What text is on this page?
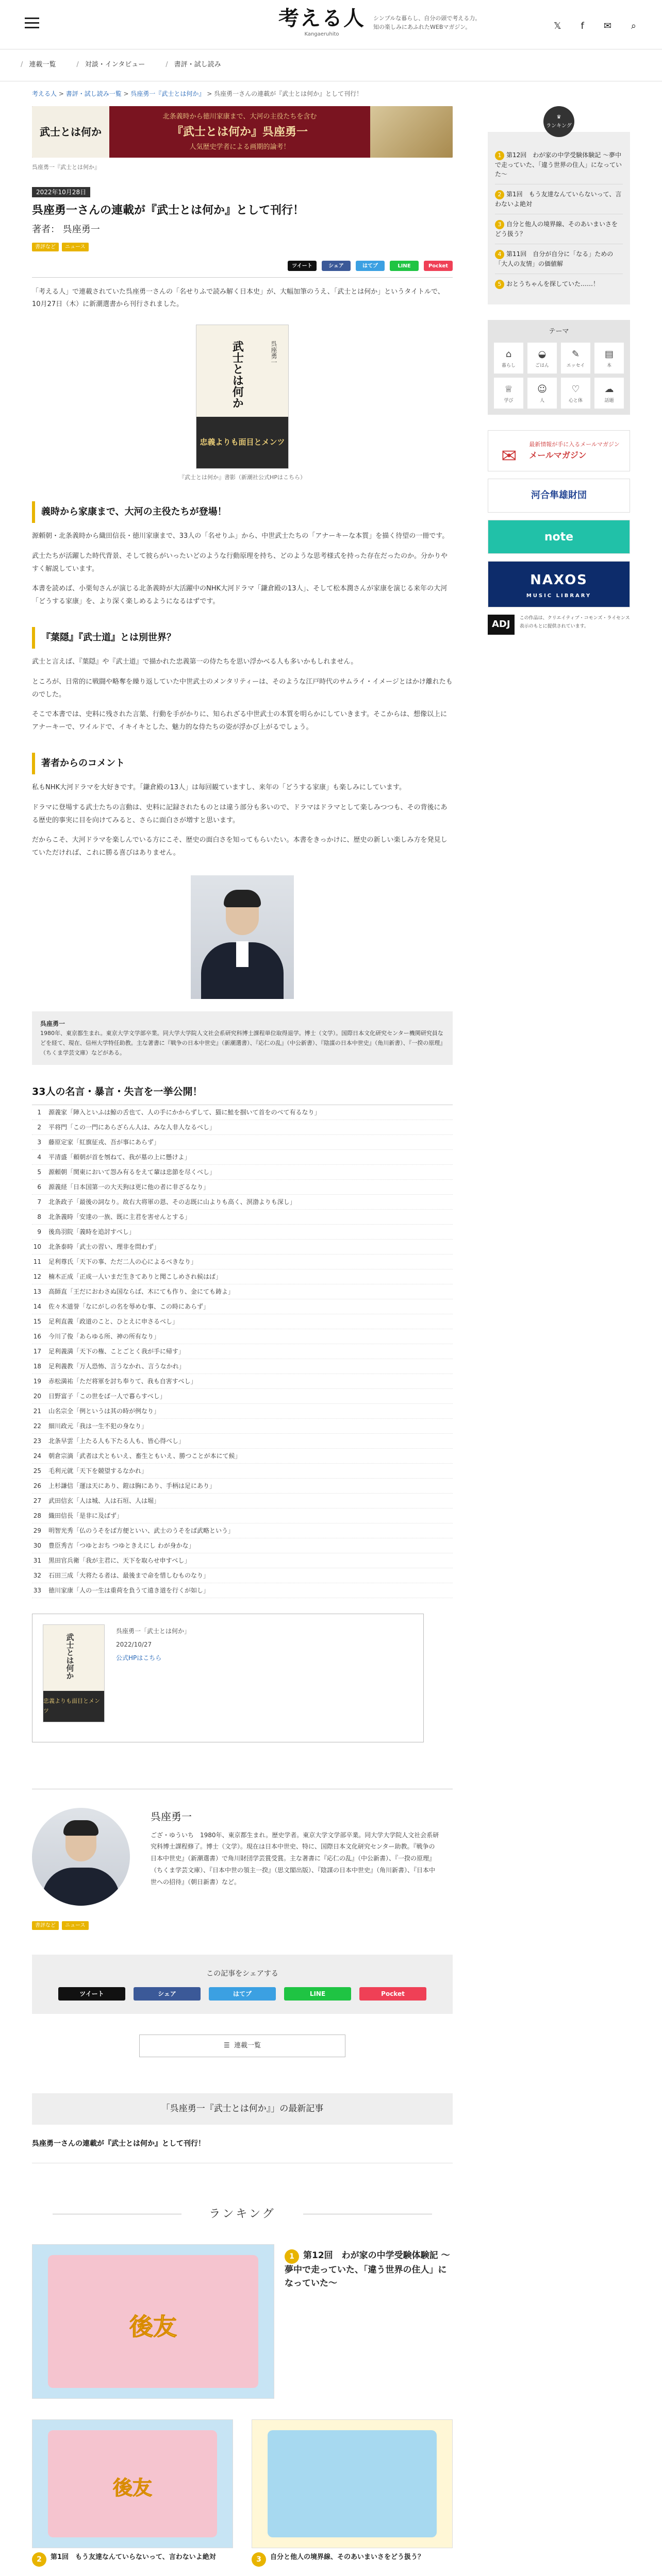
考える人
Kangaeruhito
シンプルな暮らし、自分の頭で考える力。知の楽しみにあふれたWEBマガジン。	𝕏 f ✉ ⌕
/ 連載一覧	/ 対談・インタビュー	/ 書評・試し読み
考える人 > 書評・試し読み一覧 > 呉座勇一『武士とは何か』 > 呉座勇一さんの連載が『武士とは何か』として刊行！
武士とは何か
北条義時から徳川家康まで、大河の主役たちを含む
『武士とは何か』呉座勇一
人気歴史学者による画期的論考！
呉座勇一『武士とは何か』
2022年10月28日
呉座勇一さんの連載が『武士とは何か』として刊行！
著者： 呉座勇一
書評など	ニュース
ツイート	シェア	はてブ	LINE	Pocket

「考える人」で連載されていた呉座勇一さんの「名せりふで読み解く日本史」が、大幅加筆のうえ、「武士とは何か」というタイトルで、10月27日（木）に新潮選書から刊行されました。

武士とは何か	呉座勇一
忠義よりも面目とメンツ
『武士とは何か』書影（新潮社公式HPはこちら）
義時から家康まで、大河の主役たちが登場！

源頼朝・北条義時から織田信長・徳川家康まで、33人の「名せりふ」から、中世武士たちの「アナーキーな本質」を描く待望の一冊です。

武士たちが活躍した時代背景、そして彼らがいったいどのような行動原理を持ち、どのような思考様式を持った存在だったのか。分かりやすく解説しています。

本書を読めば、小栗旬さんが演じる北条義時が大活躍中のNHK大河ドラマ「鎌倉殿の13人」、そして松本潤さんが家康を演じる来年の大河「どうする家康」を、より深く楽しめるようになるはずです。

『葉隠』『武士道』とは別世界？

武士と言えば、『葉隠』や『武士道』で描かれた忠義第一の侍たちを思い浮かべる人も多いかもしれません。

ところが、日常的に戦闘や略奪を繰り返していた中世武士のメンタリティーは、そのような江戸時代のサムライ・イメージとはかけ離れたものでした。

そこで本書では、史料に残された言葉、行動を手がかりに、知られざる中世武士の本質を明らかにしていきます。そこからは、想像以上にアナーキーで、ワイルドで、イキイキとした、魅力的な侍たちの姿が浮かび上がるでしょう。

著者からのコメント

私もNHK大河ドラマを大好きです。「鎌倉殿の13人」は毎回観ていますし、来年の「どうする家康」も楽しみにしています。

ドラマに登場する武士たちの言動は、史料に記録されたものとは違う部分も多いので、ドラマはドラマとして楽しみつつも、その背後にある歴史的事実に目を向けてみると、さらに面白さが増すと思います。

だからこそ、大河ドラマを楽しんでいる方にこそ、歴史の面白さを知ってもらいたい。本書をきっかけに、歴史の新しい楽しみ方を発見していただければ、これに勝る喜びはありません。

呉座勇一
1980年、東京都生まれ。東京大学文学部卒業。同大学大学院人文社会系研究科博士課程単位取得退学。博士（文学）。国際日本文化研究センター機関研究員などを経て、現在、信州大学特任助教。主な著書に『戦争の日本中世史』（新潮選書）、『応仁の乱』（中公新書）、『陰謀の日本中世史』（角川新書）、『一揆の原理』（ちくま学芸文庫）などがある。
33人の名言・暴言・失言を一挙公開！
1 源義家「陣入といふは鯨の舌也て、人の手にかからずして、猫に鮭を掴いて首をのべて有るなり」
2 平将門「この一門にあらざらん人は、みな人非人なるべし」
3 藤原定家「紅旗征戎、吾が事にあらず」
4 平清盛「頼朝が首を刎ねて、我が墓の上に懸けよ」
5 源頼朝「関東において怨み有るをえて輩は忠節を尽くべし」
6 源義経「日本国第一の大天狗は更に他の者に非ざるなり」
7 北条政子「最後の詞なり。故右大将軍の恩、その志既に山よりも高く、溟渤よりも深し」
8 北条義時「安達の一族、既に主君を害せんとする」
9 後鳥羽院「義時を追討すべし」
10 北条泰時「武士の習い、理非を問わず」
11 足利尊氏「天下の事、ただ二人の心によるべきなり」
12 楠木正成「正成一人いまだ生きてありと聞こしめされ候はば」
13 高師直「王だにおわさぬ国ならば、木にても作り、金にても鋳よ」
14 佐々木道誉「なにがしの名を辱めむ事、この時にあらず」
15 足利直義「政道のこと、ひとえに申さるべし」
16 今川了俊「あらゆる所、神の所有なり」
17 足利義満「天下の権、ことごとく我が手に帰す」
18 足利義教「万人恐怖、言うなかれ、言うなかれ」
19 赤松満祐「ただ将軍を討ち奉りて、我も自害すべし」
20 日野富子「この世をば一人で暮らすべし」
21 山名宗全「例というは其の時が例なり」
22 細川政元「我は一生不犯の身なり」
23 北条早雲「上たる人も下たる人も、皆心得べし」
24 朝倉宗滴「武者は犬ともいえ、畜生ともいえ、勝つことが本にて候」
25 毛利元就「天下を競望するなかれ」
26 上杉謙信「運は天にあり、鎧は胸にあり、手柄は足にあり」
27 武田信玄「人は城、人は石垣、人は堀」
28 織田信長「是非に及ばず」
29 明智光秀「仏のうそをば方便といい、武士のうそをば武略という」
30 豊臣秀吉「つゆとおち つゆときえにし わが身かな」
31 黒田官兵衛「我が主君に、天下を取らせ申すべし」
32 石田三成「大将たる者は、最後まで命を惜しむものなり」
33 徳川家康「人の一生は重荷を負うて遠き道を行くが如し」
武士とは何か
忠義よりも面目とメンツ
呉座勇一「武士とは何か」
2022/10/27
公式HPはこちら
呉座勇一
ござ・ゆういち　1980年、東京都生まれ。歴史学者。東京大学文学部卒業。同大学大学院人文社会系研究科博士課程修了。博士（文学）。現在は日本中世史、特に、国際日本文化研究センター助教。『戦争の日本中世史』（新潮選書）で角川財団学芸賞受賞。主な著書に『応仁の乱』（中公新書）、『一揆の原理』（ちくま学芸文庫）、『日本中世の領主一揆』（思文閣出版）、『陰謀の日本中世史』（角川新書）、『日本中世への招待』（朝日新書）など。
書評など	ニュース
この記事をシェアする
ツイート	シェア	はてブ	LINE	Pocket
☰ 連載一覧
「呉座勇一『武士とは何か』」の最新記事
呉座勇一さんの連載が『武士とは何か』として刊行！
ランキング
後友
1 第12回　わが家の中学受験体験記 〜夢中で走っていた、「違う世界の住人」になっていた〜
後友
2 第1回　もう友達なんていらないって、言わないよ絶対	3 自分と他人の境界線、そのあいまいさをどう扱う？
♛
ランキング
1 第12回　わが家の中学受験体験記 〜夢中で走っていた、「違う世界の住人」になっていた〜
2 第1回　もう友達なんていらないって、言わないよ絶対
3 自分と他人の境界線、そのあいまいさをどう扱う？
4 第11回　自分が自分に「なる」ための「大人の友情」の価値解
5 おとうちゃんを探していた……！
テーマ
⌂
暮らし
◒
ごはん
✎
エッセイ
▤
本
♕
学び
☺
人
♡
心と体
☁
話題
✉
最新情報が手に入るメールマガジン
メールマガジン
河合隼雄財団
note
NAXOS
MUSIC LIBRARY
ADJ
この作品は、クリエイティブ・コモンズ・ライセンス表示のもとに提供されています。
